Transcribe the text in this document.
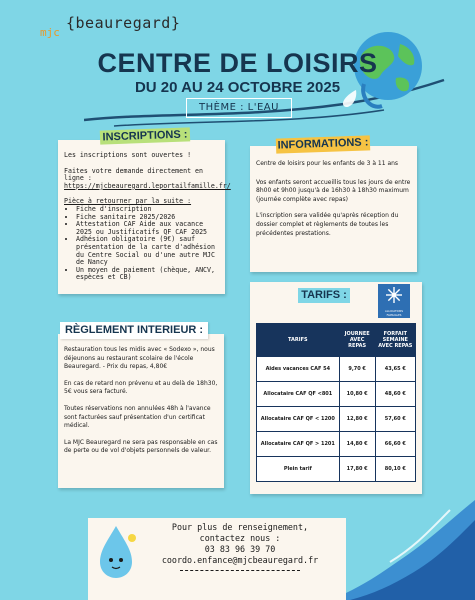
mjc
{beauregard}
CENTRE DE LOISIRS
DU 20 AU 24 OCTOBRE 2025
THÈME : L'EAU
INSCRIPTIONS :
Les inscriptions sont ouvertes !
Faites votre demande directement en ligne :
https://mjcbeauregard.leportailfamille.fr/
Pièce à retourner par la suite :
• Fiche d'inscription
• Fiche sanitaire 2025/2026
• Attestation CAF Aide aux vacance 2025 ou Justificatifs QF CAF 2025
• Adhésion obligatoire (9€) sauf présentation de la carte d'adhésion du Centre Social ou d'une autre MJC de Nancy
• Un moyen de paiement (chèque, ANCV, espèces et CB)
INFORMATIONS :
Centre de loisirs pour les enfants de 3 à 11 ans
Vos enfants seront accueillis tous les jours de entre 8h00 et 9h00 jusqu'à de 16h30 à 18h30 maximum (journée complète avec repas)
L'inscription sera validée qu'après réception du dossier complet et règlements de toutes les précédentes prestations.
RÈGLEMENT INTERIEUR :
Restauration tous les midis avec « Sodexo », nous déjeunons au restaurant scolaire de l'école Beauregard. - Prix du repas, 4,80€
En cas de retard non prévenu et au delà de 18h30, 5€ vous sera facturé.
Toutes réservations non annulées 48h à l'avance sont facturées sauf présentation d'un certificat médical.
La MJC Beauregard ne sera pas responsable en cas de perte ou de vol d'objets personnels de valeur.
TARIFS :
ALLOCATIONS FAMILIALES
TARIFS	JOURNEE AVEC REPAS	FORFAIT SEMAINE AVEC REPAS
Aides vacances CAF 54	9,70 €	43,65 €
Allocataire CAF QF <801	10,80 €	48,60 €
Allocataire CAF QF < 1200	12,80 €	57,60 €
Allocataire CAF QF > 1201	14,80 €	66,60 €
Plein tarif	17,80 €	80,10 €
Pour plus de renseignement,
contactez nous :
03 83 96 39 70
coordo.enfance@mjcbeauregard.fr
